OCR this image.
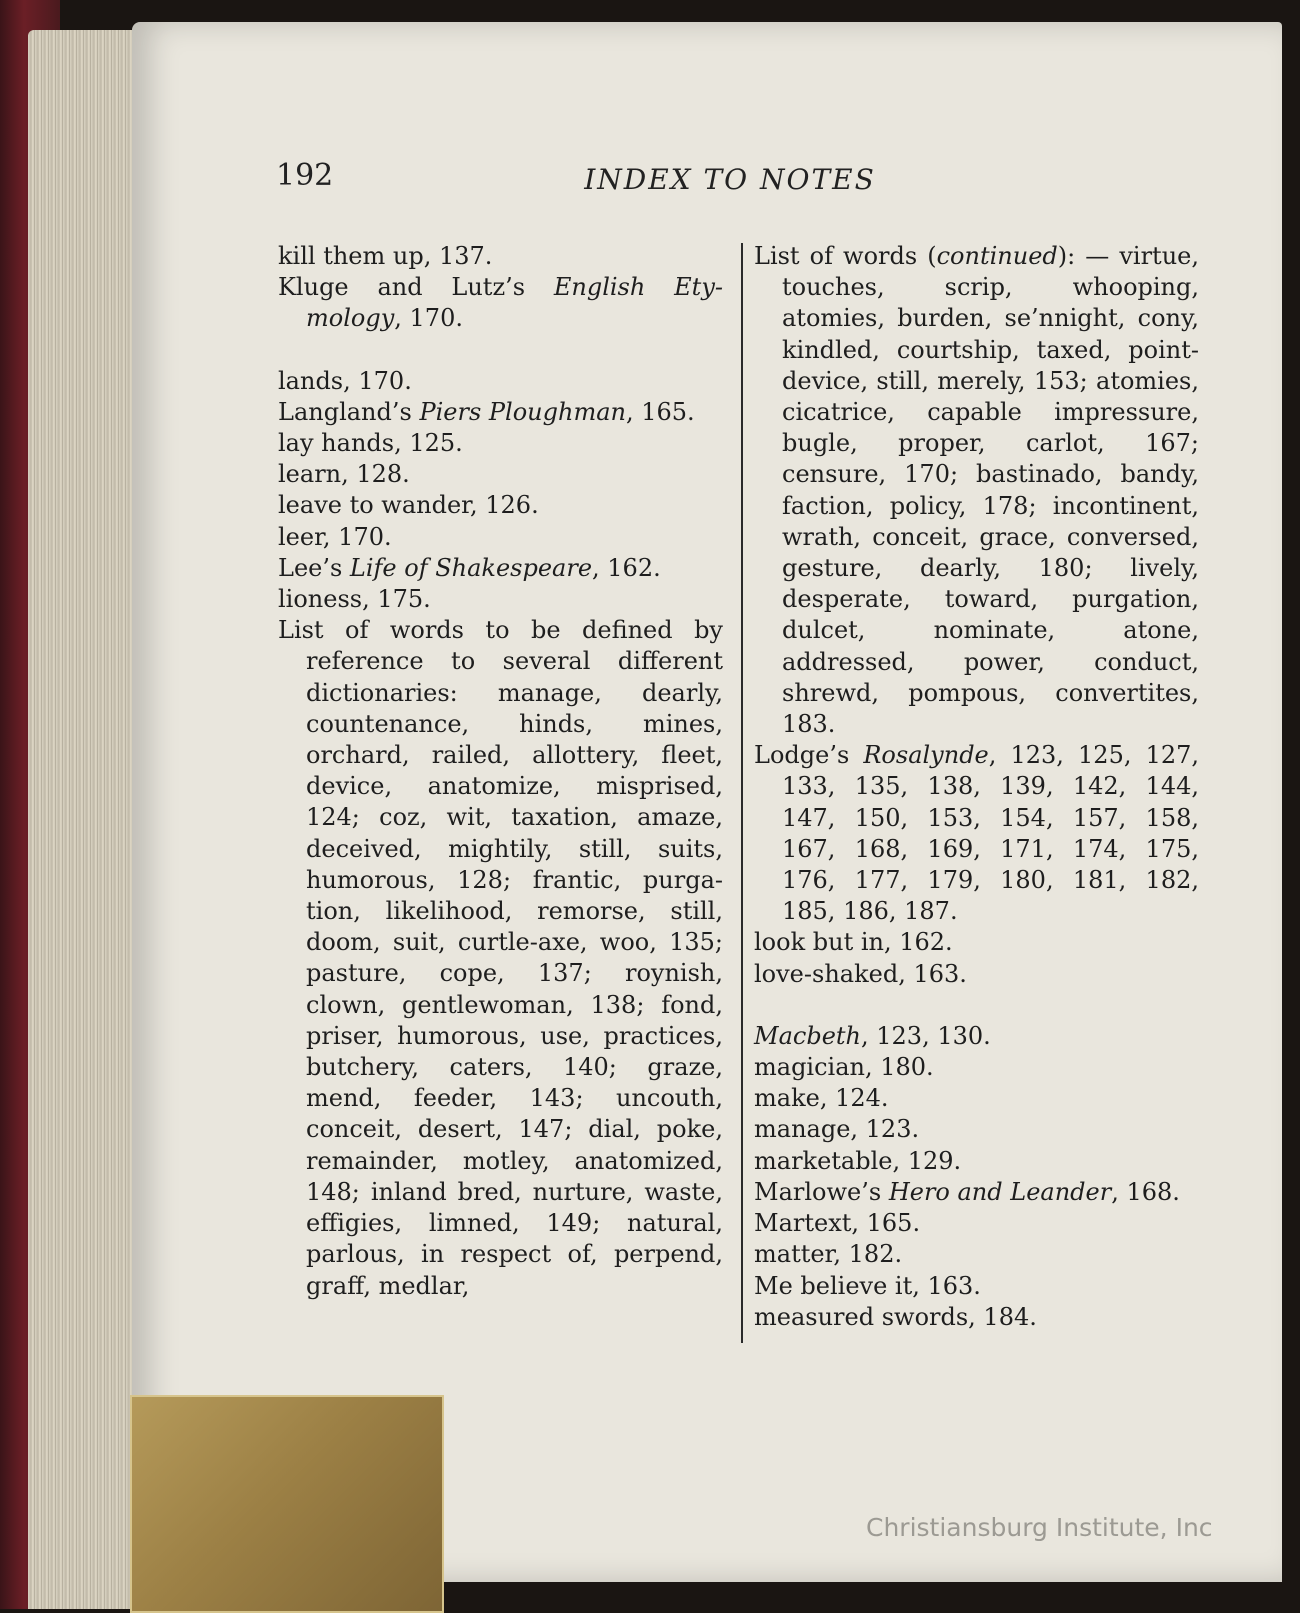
192	INDEX TO NOTES

kill them up, 137.

Kluge and Lutz’s English Etymology, 170.

lands, 170.

Langland’s Piers Ploughman, 165.

lay hands, 125.

learn, 128.

leave to wander, 126.

leer, 170.

Lee’s Life of Shakespeare, 162.

lioness, 175.

List of words to be defined by reference to several different dictionaries: manage, dearly, countenance, hinds, mines, orchard, railed, allottery, fleet, device, anatomize, misprised, 124; coz, wit, taxation, amaze, deceived, mightily, still, suits, humorous, 128; frantic, purgation, likelihood, remorse, still, doom, suit, curtle-axe, woo, 135; pasture, cope, 137; roynish, clown, gentlewoman, 138; fond, priser, humorous, use, practices, butchery, caters, 140; graze, mend, feeder, 143; uncouth, conceit, desert, 147; dial, poke, remainder, motley, anatomized, 148; inland bred, nurture, waste, effigies, limned, 149; natural, parlous, in respect of, perpend, graff, medlar,

List of words (continued): — virtue, touches, scrip, whooping, atomies, burden, se’nnight, cony, kindled, courtship, taxed, point-device, still, merely, 153; atomies, cicatrice, capable impressure, bugle, proper, carlot, 167; censure, 170; bastinado, bandy, faction, policy, 178; incontinent, wrath, conceit, grace, conversed, gesture, dearly, 180; lively, desperate, toward, purgation, dulcet, nominate, atone, addressed, power, conduct, shrewd, pompous, convertites, 183.

Lodge’s Rosalynde, 123, 125, 127, 133, 135, 138, 139, 142, 144, 147, 150, 153, 154, 157, 158, 167, 168, 169, 171, 174, 175, 176, 177, 179, 180, 181, 182, 185, 186, 187.

look but in, 162.

love-shaked, 163.

Macbeth, 123, 130.

magician, 180.

make, 124.

manage, 123.

marketable, 129.

Marlowe’s Hero and Leander, 168.

Martext, 165.

matter, 182.

Me believe it, 163.

measured swords, 184.

Christiansburg Institute, Inc
